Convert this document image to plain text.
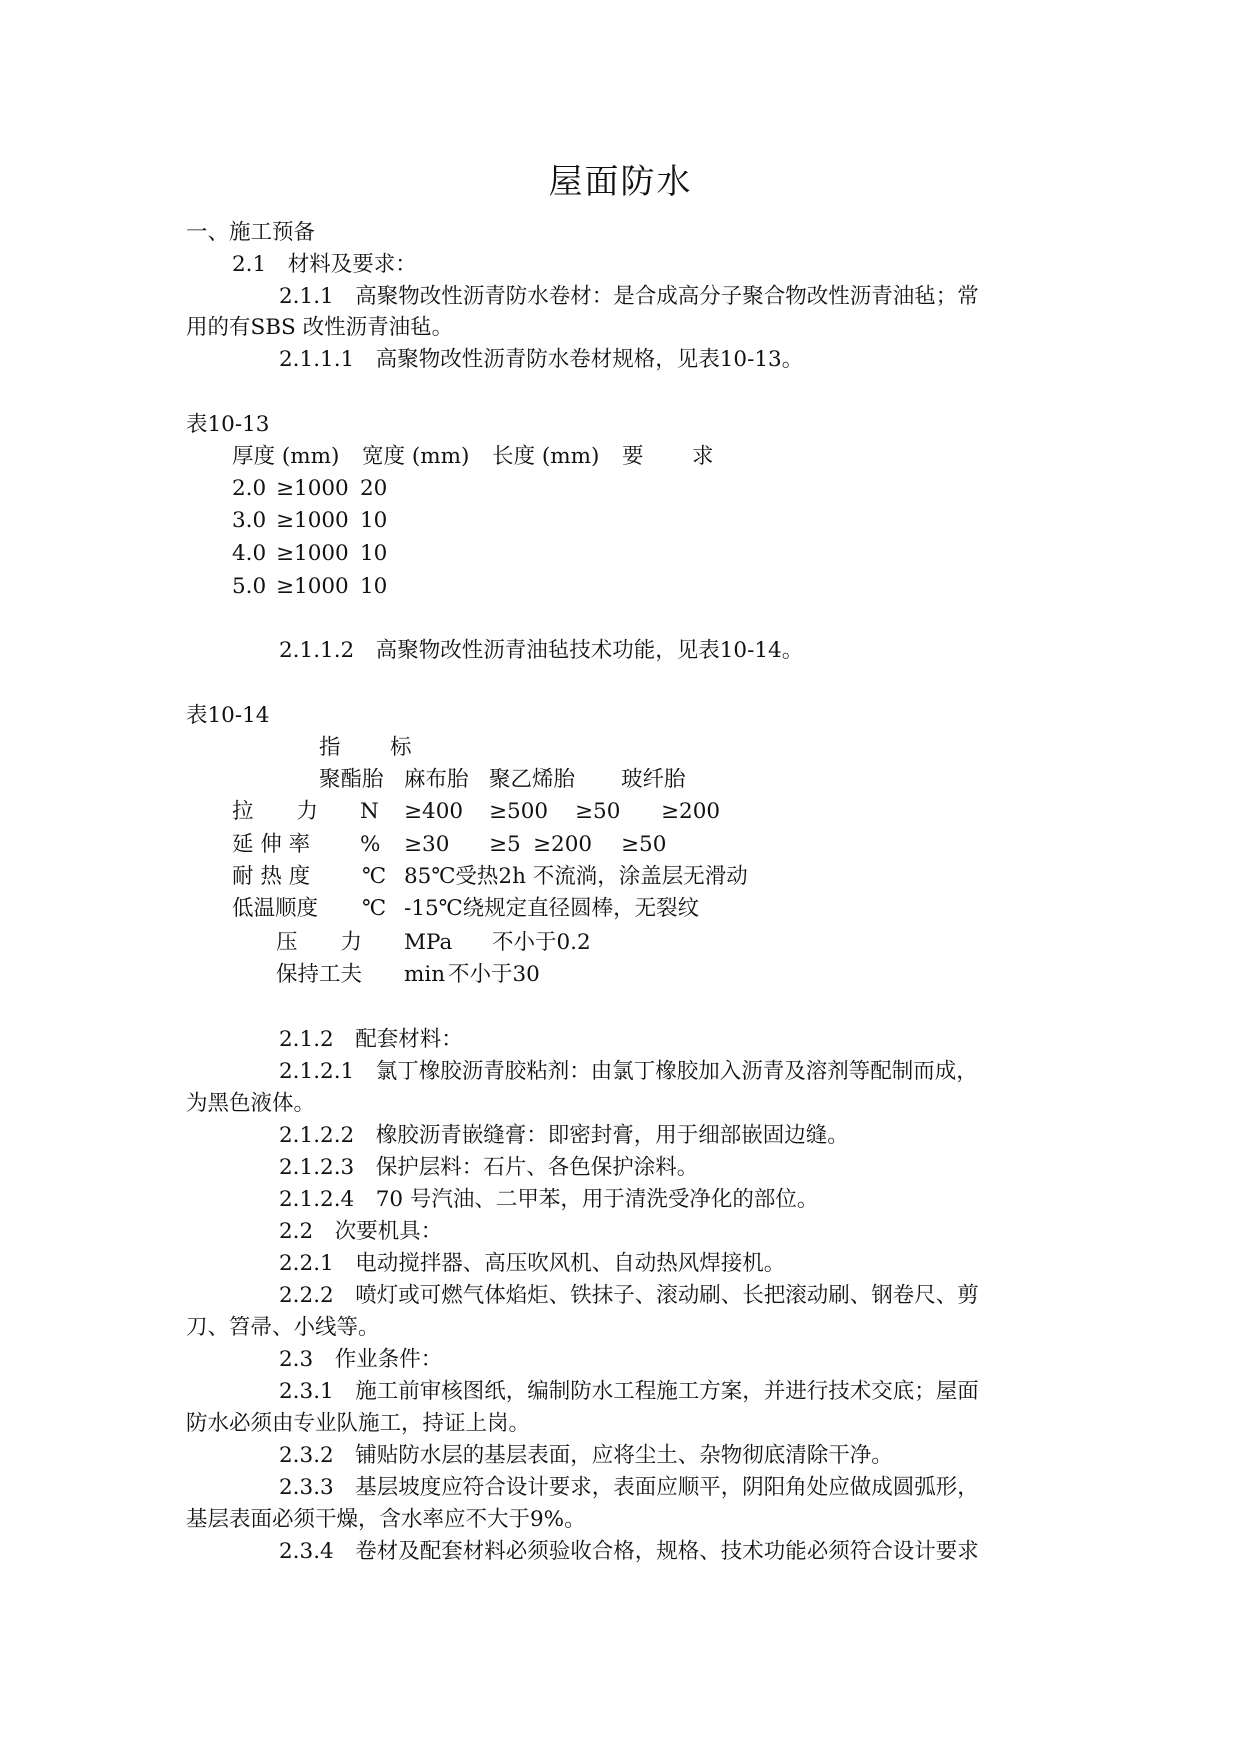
屋面防水
一、施工预备
2.1　材料及要求：
2.1.1　高聚物改性沥青防水卷材：是合成高分子聚合物改性沥青油毡；常
用的有SBS 改性沥青油毡。
2.1.1.1　高聚物改性沥青防水卷材规格，见表10-13。
表10-13
厚度 (mm) 宽度 (mm) 长度 (mm) 要 求
2.0 ≥1000 20
3.0 ≥1000 10
4.0 ≥1000 10
5.0 ≥1000 10
2.1.1.2　高聚物改性沥青油毡技术功能，见表10-14。
表10-14
指 标
聚酯胎 麻布胎 聚乙烯胎 玻纤胎
拉　　力 N ≥400 ≥500 ≥50 ≥200
延 伸 率 % ≥30 ≥5 ≥200 ≥50
耐 热 度 ℃ 85℃受热2h 不流淌，涂盖层无滑动
低温顺度 ℃ -15℃绕规定直径圆棒，无裂纹
压　　力 MPa 不小于0.2
保持工夫 min 不小于30
2.1.2　配套材料：
2.1.2.1　氯丁橡胶沥青胶粘剂：由氯丁橡胶加入沥青及溶剂等配制而成，
为黑色液体。
2.1.2.2　橡胶沥青嵌缝膏：即密封膏，用于细部嵌固边缝。
2.1.2.3　保护层料：石片、各色保护涂料。
2.1.2.4　70 号汽油、二甲苯，用于清洗受净化的部位。
2.2　次要机具：
2.2.1　电动搅拌器、高压吹风机、自动热风焊接机。
2.2.2　喷灯或可燃气体焰炬、铁抹子、滚动刷、长把滚动刷、钢卷尺、剪
刀、笤帚、小线等。
2.3　作业条件：
2.3.1　施工前审核图纸，编制防水工程施工方案，并进行技术交底；屋面
防水必须由专业队施工，持证上岗。
2.3.2　铺贴防水层的基层表面，应将尘土、杂物彻底清除干净。
2.3.3　基层坡度应符合设计要求，表面应顺平，阴阳角处应做成圆弧形，
基层表面必须干燥，含水率应不大于9%。
2.3.4　卷材及配套材料必须验收合格，规格、技术功能必须符合设计要求
